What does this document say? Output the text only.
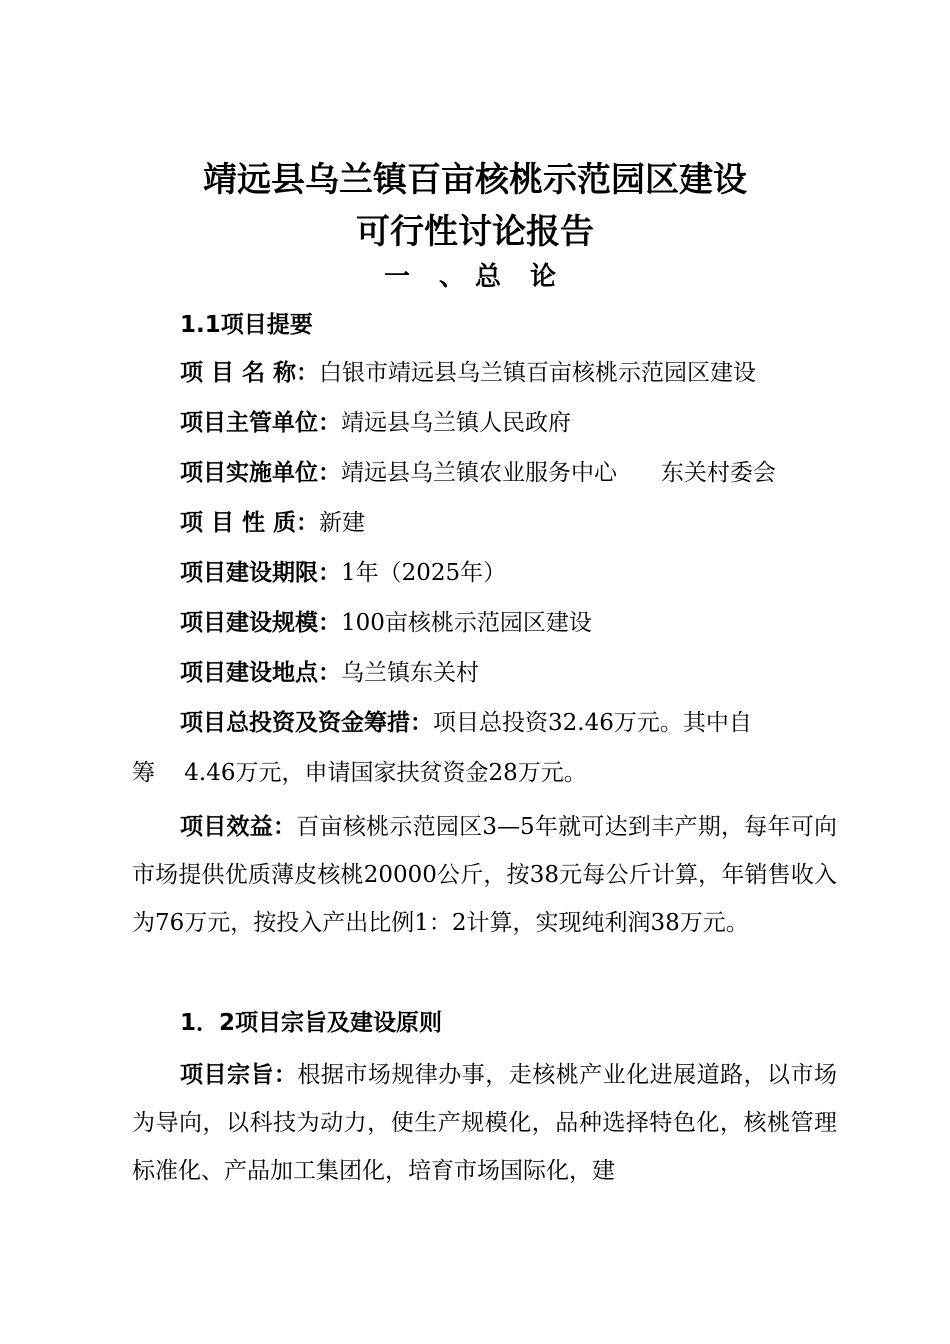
靖远县乌兰镇百亩核桃示范园区建设
可行性讨论报告
一 、总 论
1.1项目提要
项 目 名 称：白银市靖远县乌兰镇百亩核桃示范园区建设
项目主管单位：靖远县乌兰镇人民政府
项目实施单位：靖远县乌兰镇农业服务中心      东关村委会
项 目 性 质：新建
项目建设期限：1年（2025年）
项目建设规模：100亩核桃示范园区建设
项目建设地点：乌兰镇东关村
项目总投资及资金筹措：项目总投资32.46万元。其中自
筹    4.46万元，申请国家扶贫资金28万元。
项目效益：百亩核桃示范园区3—5年就可达到丰产期，每年可向市场提供优质薄皮核桃20000公斤，按38元每公斤计算，年销售收入为76万元，按投入产出比例1：2计算，实现纯利润38万元。
1．2项目宗旨及建设原则
项目宗旨：根据市场规律办事，走核桃产业化进展道路，以市场为导向，以科技为动力，使生产规模化，品种选择特色化，核桃管理标准化、产品加工集团化，培育市场国际化，建
